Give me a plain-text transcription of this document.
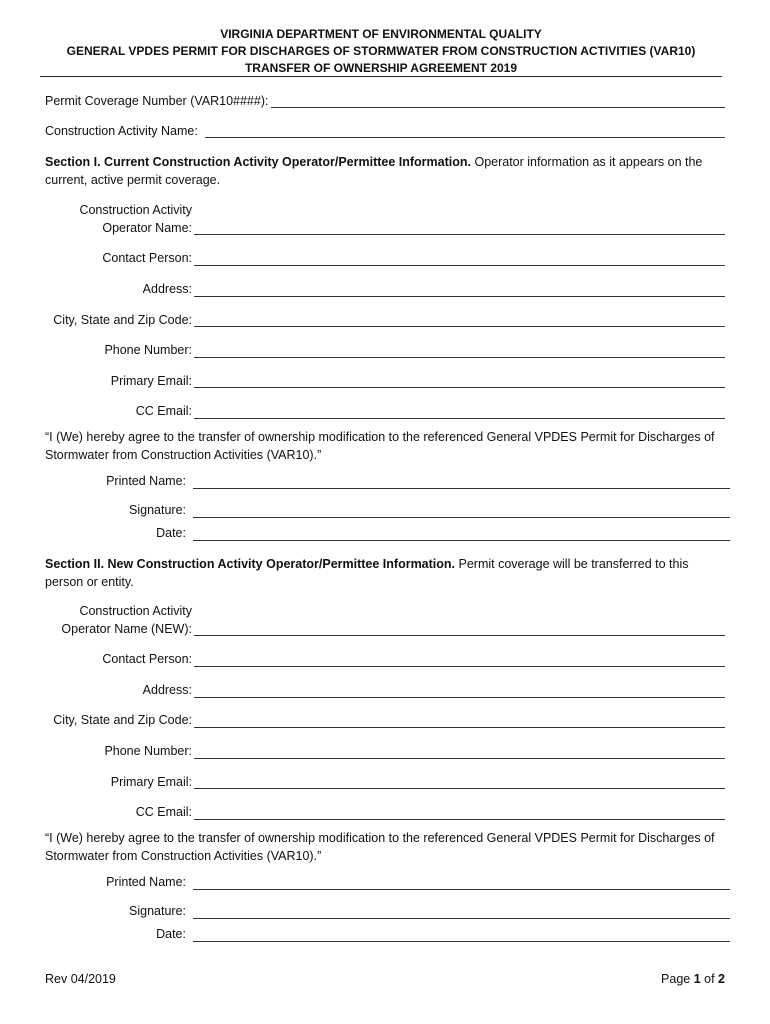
VIRGINIA DEPARTMENT OF ENVIRONMENTAL QUALITY
GENERAL VPDES PERMIT FOR DISCHARGES OF STORMWATER FROM CONSTRUCTION ACTIVITIES (VAR10)
TRANSFER OF OWNERSHIP AGREEMENT 2019
Permit Coverage Number (VAR10####):
Construction Activity Name:
Section I. Current Construction Activity Operator/Permittee Information. Operator information as it appears on the current, active permit coverage.
Construction Activity
Operator Name:
Contact Person:
Address:
City, State and Zip Code:
Phone Number:
Primary Email:
CC Email:
“I (We) hereby agree to the transfer of ownership modification to the referenced General VPDES Permit for Discharges of Stormwater from Construction Activities (VAR10).”
Printed Name:
Signature:
Date:
Section II. New Construction Activity Operator/Permittee Information. Permit coverage will be transferred to this person or entity.
Construction Activity
Operator Name (NEW):
Contact Person:
Address:
City, State and Zip Code:
Phone Number:
Primary Email:
CC Email:
“I (We) hereby agree to the transfer of ownership modification to the referenced General VPDES Permit for Discharges of Stormwater from Construction Activities (VAR10).”
Printed Name:
Signature:
Date:
Rev 04/2019	Page 1 of 2
